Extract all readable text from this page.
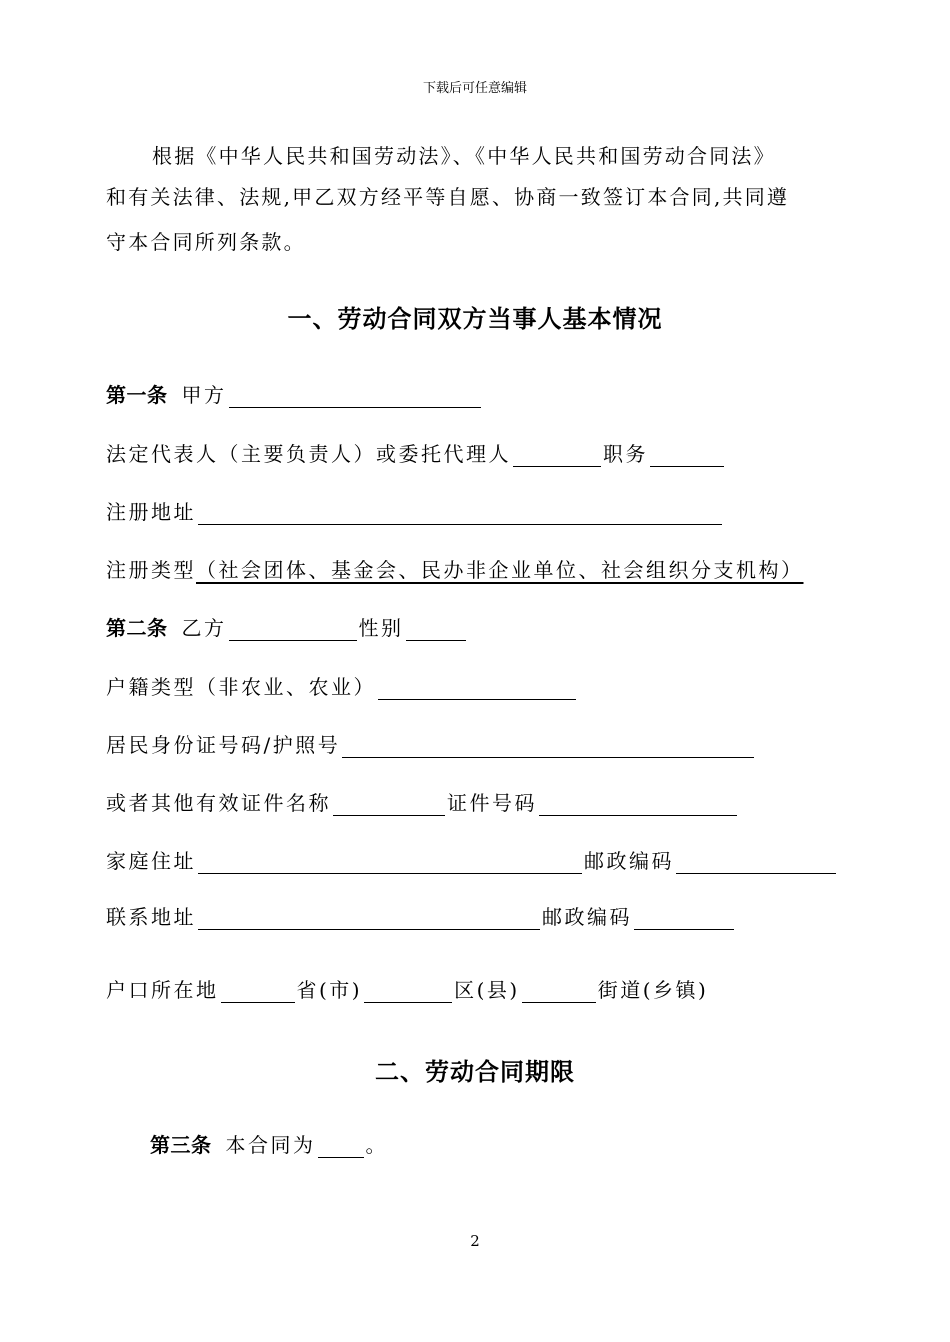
下载后可任意编辑
根据《中华人民共和国劳动法》、《中华人民共和国劳动合同法》
和有关法律、法规,甲乙双方经平等自愿、协商一致签订本合同,共同遵
守本合同所列条款。
一、劳动合同双方当事人基本情况
第一条 甲方
法定代表人（主要负责人）或委托代理人	职务
注册地址
注册类型 （社会团体、基金会、民办非企业单位、社会组织分支机构）
第二条 乙方	性别
户籍类型（非农业、农业）
居民身份证号码/护照号
或者其他有效证件名称	证件号码
家庭住址	邮政编码
联系地址	邮政编码
户口所在地	省(市)	区(县)	街道(乡镇)
二、劳动合同期限
第三条 本合同为	。
2
